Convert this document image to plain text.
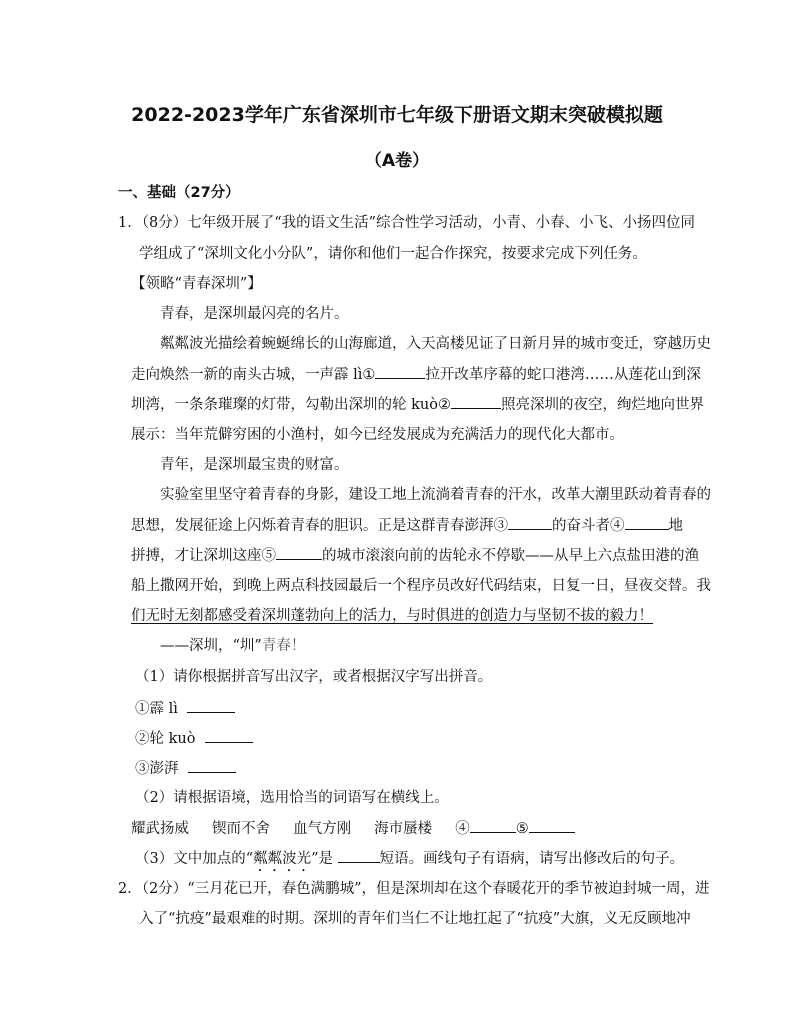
2022-2023学年广东省深圳市七年级下册语文期末突破模拟题
（A卷）
一、基础（27分）
1．（8分）七年级开展了“我的语文生活”综合性学习活动，小青、小春、小飞、小扬四位同
学组成了“深圳文化小分队”，请你和他们一起合作探究，按要求完成下列任务。
【领略“青春深圳”】
青春，是深圳最闪亮的名片。
粼粼波光描绘着蜿蜒绵长的山海廊道，入天高楼见证了日新月异的城市变迁，穿越历史
走向焕然一新的南头古城，一声霹 lì①	拉开改革序幕的蛇口港湾……从莲花山到深
圳湾，一条条璀璨的灯带，勾勒出深圳的轮 kuò②	照亮深圳的夜空，绚烂地向世界
展示：当年荒僻穷困的小渔村，如今已经发展成为充满活力的现代化大都市。
青年，是深圳最宝贵的财富。
实验室里坚守着青春的身影，建设工地上流淌着青春的汗水，改革大潮里跃动着青春的
思想，发展征途上闪烁着青春的胆识。正是这群青春澎湃③	的奋斗者④	地
拼搏，才让深圳这座⑤	的城市滚滚向前的齿轮永不停歇——从早上六点盐田港的渔
船上撒网开始，到晚上两点科技园最后一个程序员改好代码结束，日复一日，昼夜交替。我
们无时无刻都感受着深圳蓬勃向上的活力，与时俱进的创造力与坚韧不拔的毅力！
——深圳，“圳”青春！
（1）请你根据拼音写出汉字，或者根据汉字写出拼音。
①霹 lì
②轮 kuò
③澎湃
（2）请根据语境，选用恰当的词语写在横线上。
耀武扬威 锲而不舍 血气方刚 海市蜃楼 ④	⑤
（3）文中加点的“粼粼波光”是	短语。画线句子有语病，请写出修改后的句子。
2．（2分）“三月花已开，春色满鹏城”，但是深圳却在这个春暖花开的季节被迫封城一周，进
入了“抗疫”最艰难的时期。深圳的青年们当仁不让地扛起了“抗疫”大旗，义无反顾地冲
